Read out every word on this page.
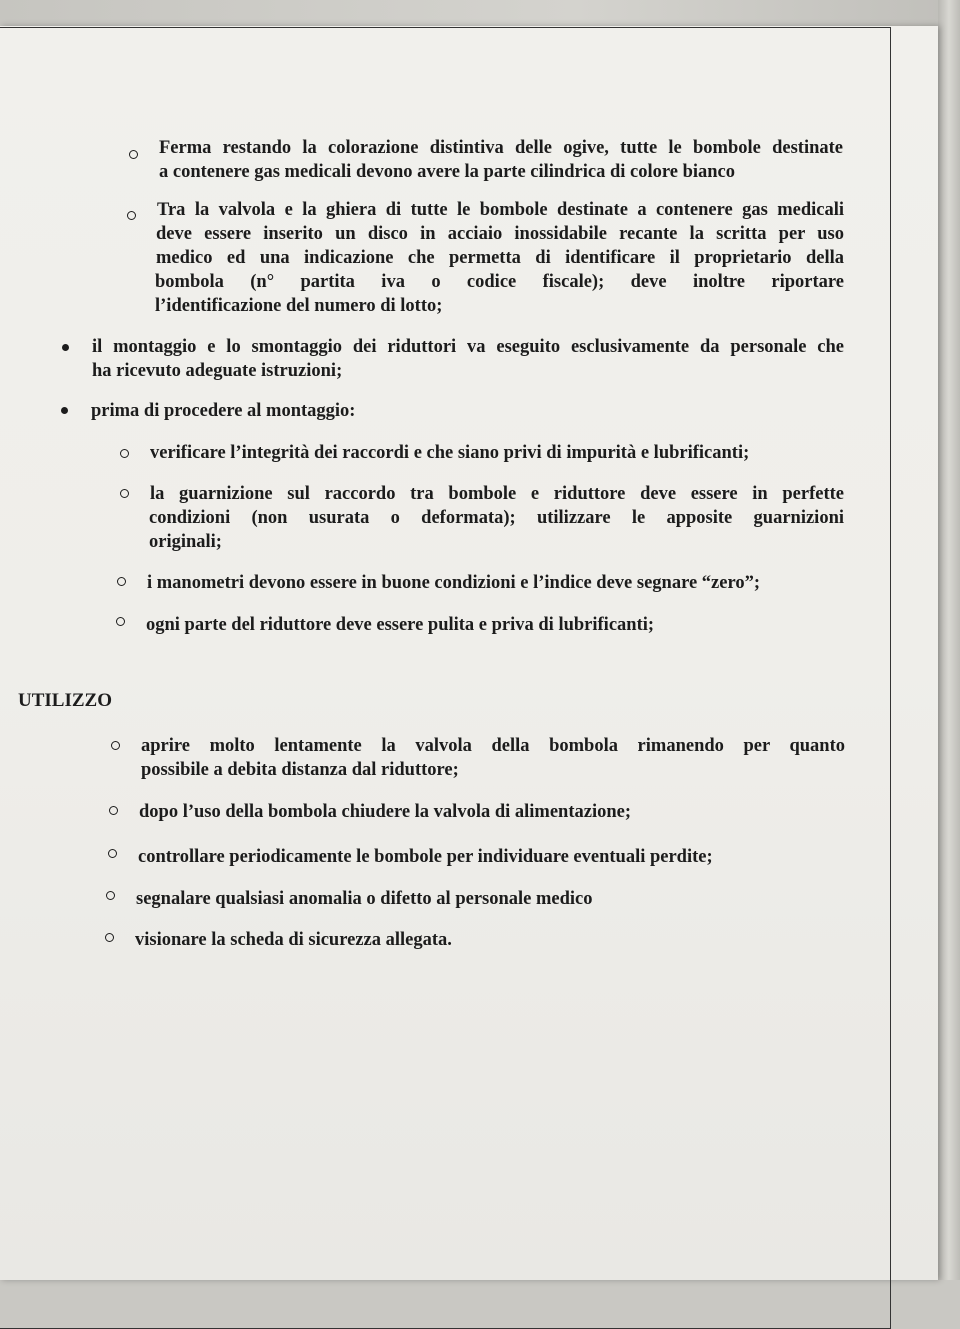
Ferma restando la colorazione distintiva delle ogive, tutte le bombole destinate
a contenere gas medicali devono avere la parte cilindrica di colore bianco
Tra la valvola e la ghiera di tutte le bombole destinate a contenere gas medicali
deve essere inserito un disco in acciaio inossidabile recante la scritta per uso
medico ed una indicazione che permetta di identificare il proprietario della
bombola (n° partita iva o codice fiscale); deve inoltre riportare
l’identificazione del numero di lotto;
il montaggio e lo smontaggio dei riduttori va eseguito esclusivamente da personale che
ha ricevuto adeguate istruzioni;
prima di procedere al montaggio:
verificare l’integrità dei raccordi e che siano privi di impurità e lubrificanti;
la guarnizione sul raccordo tra bombole e riduttore deve essere in perfette
condizioni (non usurata o deformata); utilizzare le apposite guarnizioni
originali;
i manometri devono essere in buone condizioni e l’indice deve segnare “zero”;
ogni parte del riduttore deve essere pulita e priva di lubrificanti;
UTILIZZO
aprire molto lentamente la valvola della bombola rimanendo per quanto
possibile a debita distanza dal riduttore;
dopo l’uso della bombola chiudere la valvola di alimentazione;
controllare periodicamente le bombole per individuare eventuali perdite;
segnalare qualsiasi anomalia o difetto al personale medico
visionare la scheda di sicurezza allegata.
